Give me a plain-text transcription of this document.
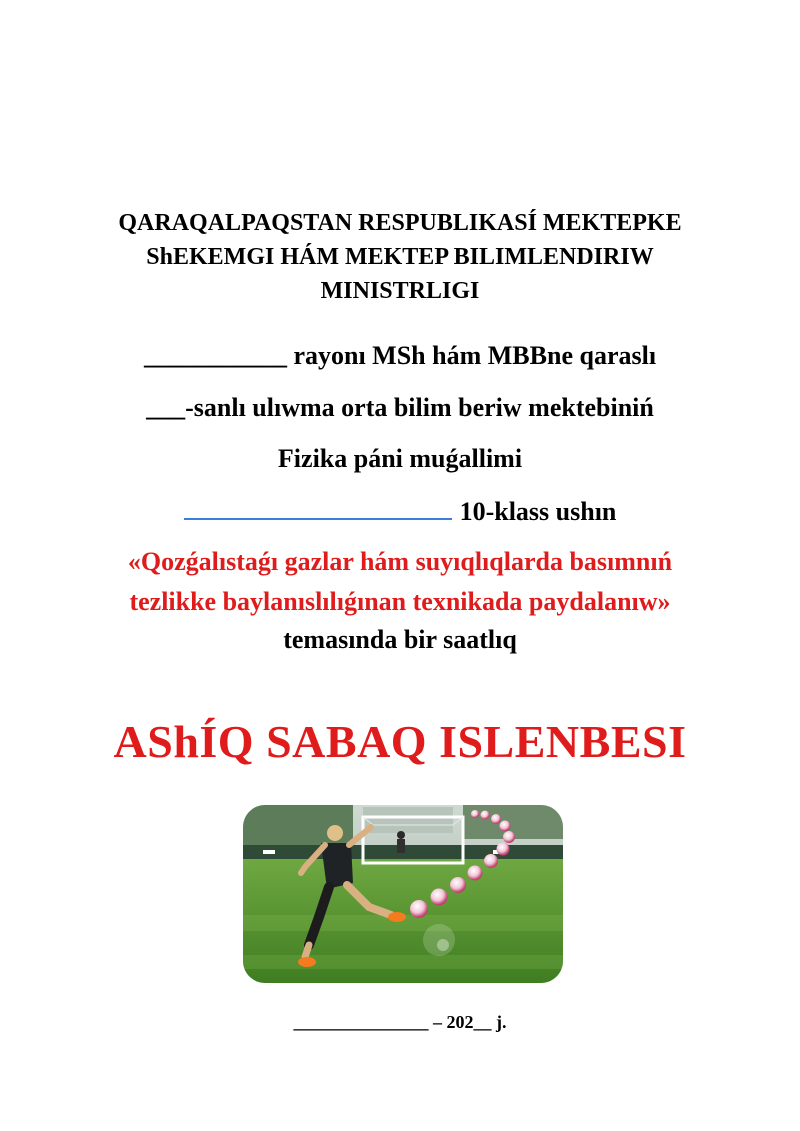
QARAQALPAQSTAN RESPUBLIKASÍ MEKTEPKE
ShEKEMGI HÁM MEKTEP BILIMLENDIRIW
MINISTRLIGI
___________ rayonı MSh hám MBBne qaraslı
___-sanlı ulıwma orta bilim beriw mektebiniń
Fizika páni muǵallimi
10-klass ushın
«Qozǵalıstaǵı gazlar hám suyıqlıqlarda basımnıń
tezlikke baylanıslılıǵınan texnikada paydalanıw»
temasında bir saatlıq
AShÍQ SABAQ ISLENBESI
_______________ – 202__ j.
